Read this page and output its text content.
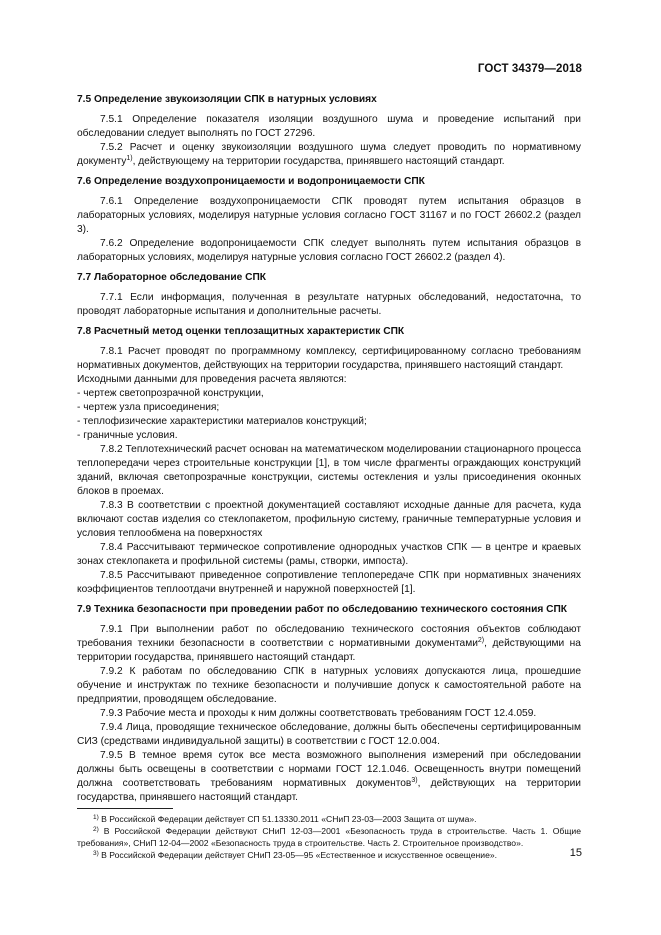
ГОСТ 34379—2018
7.5 Определение звукоизоляции СПК в натурных условиях

7.5.1 Определение показателя изоляции воздушного шума и проведение испытаний при обследовании следует выполнять по ГОСТ 27296.

7.5.2 Расчет и оценку звукоизоляции воздушного шума следует проводить по нормативному документу$^{1)}$, действующему на территории государства, принявшего настоящий стандарт.

7.6 Определение воздухопроницаемости и водопроницаемости СПК

7.6.1 Определение воздухопроницаемости СПК проводят путем испытания образцов в лабораторных условиях, моделируя натурные условия согласно ГОСТ 31167 и по ГОСТ 26602.2 (раздел 3).

7.6.2 Определение водопроницаемости СПК следует выполнять путем испытания образцов в лабораторных условиях, моделируя натурные условия согласно ГОСТ 26602.2 (раздел 4).

7.7 Лабораторное обследование СПК

7.7.1 Если информация, полученная в результате натурных обследований, недостаточна, то проводят лабораторные испытания и дополнительные расчеты.

7.8 Расчетный метод оценки теплозащитных характеристик СПК

7.8.1 Расчет проводят по программному комплексу, сертифицированному согласно требованиям нормативных документов, действующих на территории государства, принявшего настоящий стандарт.

Исходными данными для проведения расчета являются:

- чертеж светопрозрачной конструкции,

- чертеж узла присоединения;

- теплофизические характеристики материалов конструкций;

- граничные условия.

7.8.2 Теплотехнический расчет основан на математическом моделировании стационарного процесса теплопередачи через строительные конструкции [1], в том числе фрагменты ограждающих конструкций зданий, включая светопрозрачные конструкции, системы остекления и узлы присоединения оконных блоков в проемах.

7.8.3 В соответствии с проектной документацией составляют исходные данные для расчета, куда включают состав изделия со стеклопакетом, профильную систему, граничные температурные условия и условия теплообмена на поверхностях

7.8.4 Рассчитывают термическое сопротивление однородных участков СПК — в центре и краевых зонах стеклопакета и профильной системы (рамы, створки, импоста).

7.8.5 Рассчитывают приведенное сопротивление теплопередаче СПК при нормативных значениях коэффициентов теплоотдачи внутренней и наружной поверхностей [1].

7.9 Техника безопасности при проведении работ по обследованию технического состояния СПК

7.9.1 При выполнении работ по обследованию технического состояния объектов соблюдают требования техники безопасности в соответствии с нормативными документами$^{2)}$, действующими на территории государства, принявшего настоящий стандарт.

7.9.2 К работам по обследованию СПК в натурных условиях допускаются лица, прошедшие обучение и инструктаж по технике безопасности и получившие допуск к самостоятельной работе на предприятии, проводящем обследование.

7.9.3 Рабочие места и проходы к ним должны соответствовать требованиям ГОСТ 12.4.059.

7.9.4 Лица, проводящие техническое обследование, должны быть обеспечены сертифицированным СИЗ (средствами индивидуальной защиты) в соответствии с ГОСТ 12.0.004.

7.9.5 В темное время суток все места возможного выполнения измерений при обследовании должны быть освещены в соответствии с нормами ГОСТ 12.1.046. Освещенность внутри помещений должна соответствовать требованиям нормативных документов$^{3)}$, действующих на территории государства, принявшего настоящий стандарт.

$^{1)}$ В Российской Федерации действует СП 51.13330.2011 «СНиП 23-03—2003 Защита от шума».

$^{2)}$ В Российской Федерации действуют СНиП 12-03—2001 «Безопасность труда в строительстве. Часть 1. Общие требования», СНиП 12-04—2002 «Безопасность труда в строительстве. Часть 2. Строительное производство».

$^{3)}$ В Российской Федерации действует СНиП 23-05—95 «Естественное и искусственное освещение».	15
